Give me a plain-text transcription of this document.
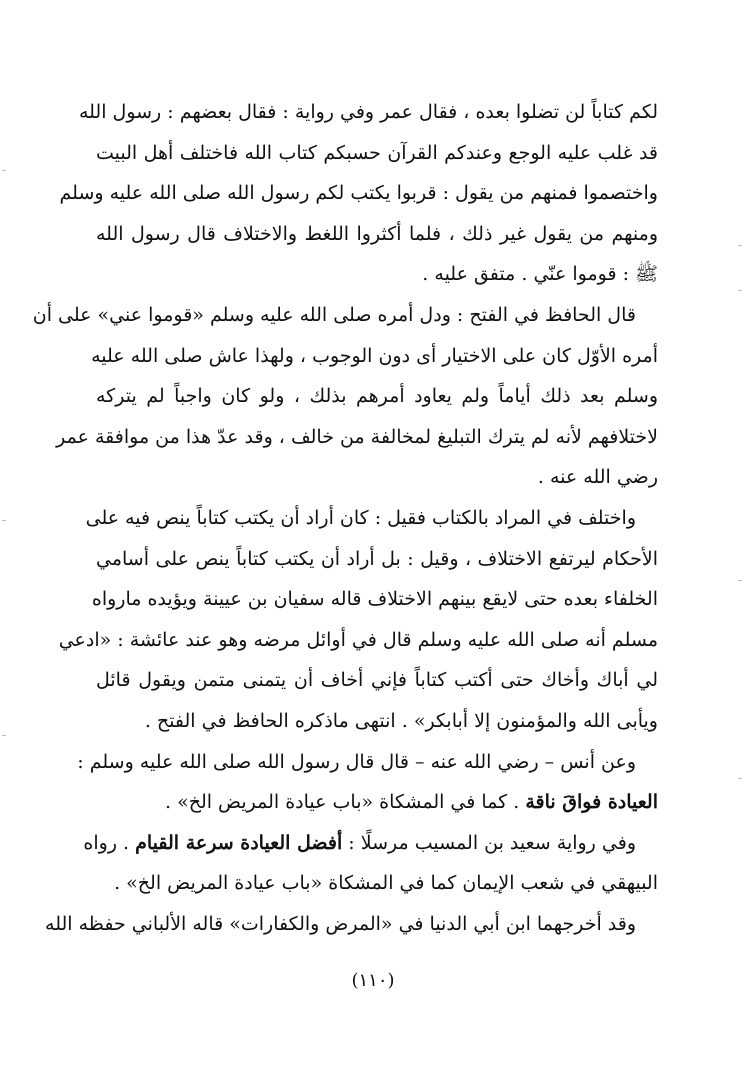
لكم كتاباً لن تضلوا بعده ، فقال عمر وفي رواية : فقال بعضهم : رسول الله
قد غلب عليه الوجع وعندكم القرآن حسبكم كتاب الله فاختلف أهل البيت
واختصموا فمنهم من يقول : قربوا يكتب لكم رسول الله صلى الله عليه وسلم
ومنهم من يقول غير ذلك ، فلما أكثروا اللغط والاختلاف قال رسول الله
ﷺ : قوموا عنّي . متفق عليه .
قال الحافظ في الفتح : ودل أمره صلى الله عليه وسلم «قوموا عني» على أن
أمره الأوّل كان على الاختيار أى دون الوجوب ، ولهذا عاش صلى الله عليه
وسلم بعد ذلك أياماً ولم يعاود أمرهم بذلك ، ولو كان واجباً لم يتركه
لاختلافهم لأنه لم يترك التبليغ لمخالفة من خالف ، وقد عدّ هذا من موافقة عمر
رضي الله عنه .
واختلف في المراد بالكتاب فقيل : كان أراد أن يكتب كتاباً ينص فيه على
الأحكام ليرتفع الاختلاف ، وقيل : بل أراد أن يكتب كتاباً ينص على أسامي
الخلفاء بعده حتى لايقع بينهم الاختلاف قاله سفيان بن عيينة ويؤيده مارواه
مسلم أنه صلى الله عليه وسلم قال في أوائل مرضه وهو عند عائشة : «ادعي
لي أباك وأخاك حتى أكتب كتاباً فإني أخاف أن يتمنى متمن ويقول قائل
ويأبى الله والمؤمنون إلا أبابكر» . انتهى ماذكره الحافظ في الفتح .
وعن أنس – رضي الله عنه – قال قال رسول الله صلى الله عليه وسلم :
العيادة فواقَ ناقة . كما في المشكاة «باب عيادة المريض الخ» .
وفي رواية سعيد بن المسيب مرسلًا : أفضل العيادة سرعة القيام . رواه
البيهقي في شعب الإيمان كما في المشكاة «باب عيادة المريض الخ» .
وقد أخرجهما ابن أبي الدنيا في «المرض والكفارات» قاله الألباني حفظه الله
(١١٠)
